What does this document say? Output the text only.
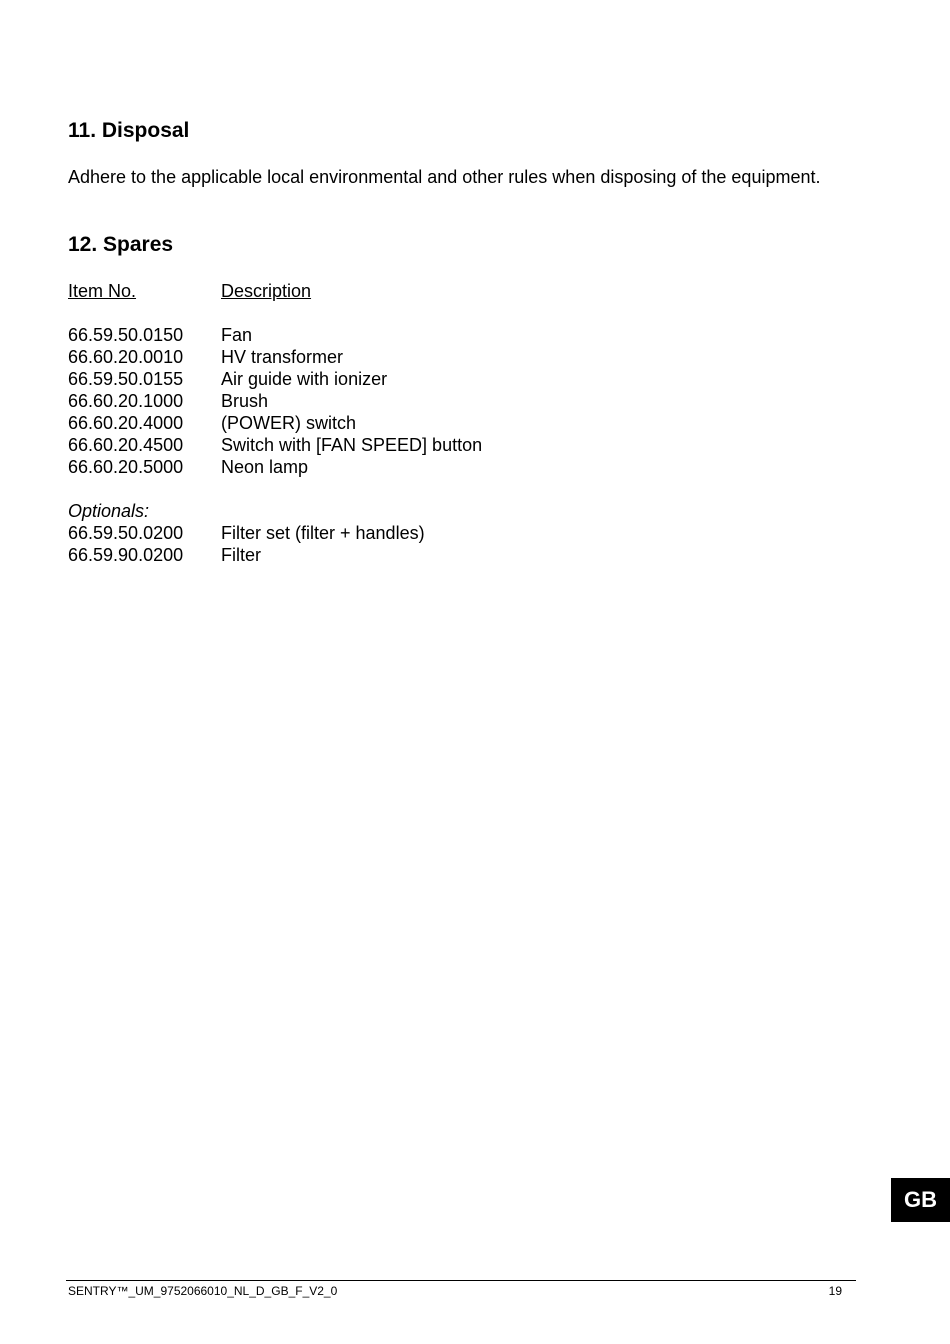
11. Disposal

Adhere to the applicable local environmental and other rules when disposing of the equipment.

12. Spares
Item No.	Description
66.59.50.0150	Fan
66.60.20.0010	HV transformer
66.59.50.0155	Air guide with ionizer
66.60.20.1000	Brush
66.60.20.4000	(POWER) switch
66.60.20.4500	Switch with [FAN SPEED] button
66.60.20.5000	Neon lamp
Optionals:
66.59.50.0200	Filter set (filter + handles)
66.59.90.0200	Filter
GB
SENTRY™_UM_9752066010_NL_D_GB_F_V2_0	19
